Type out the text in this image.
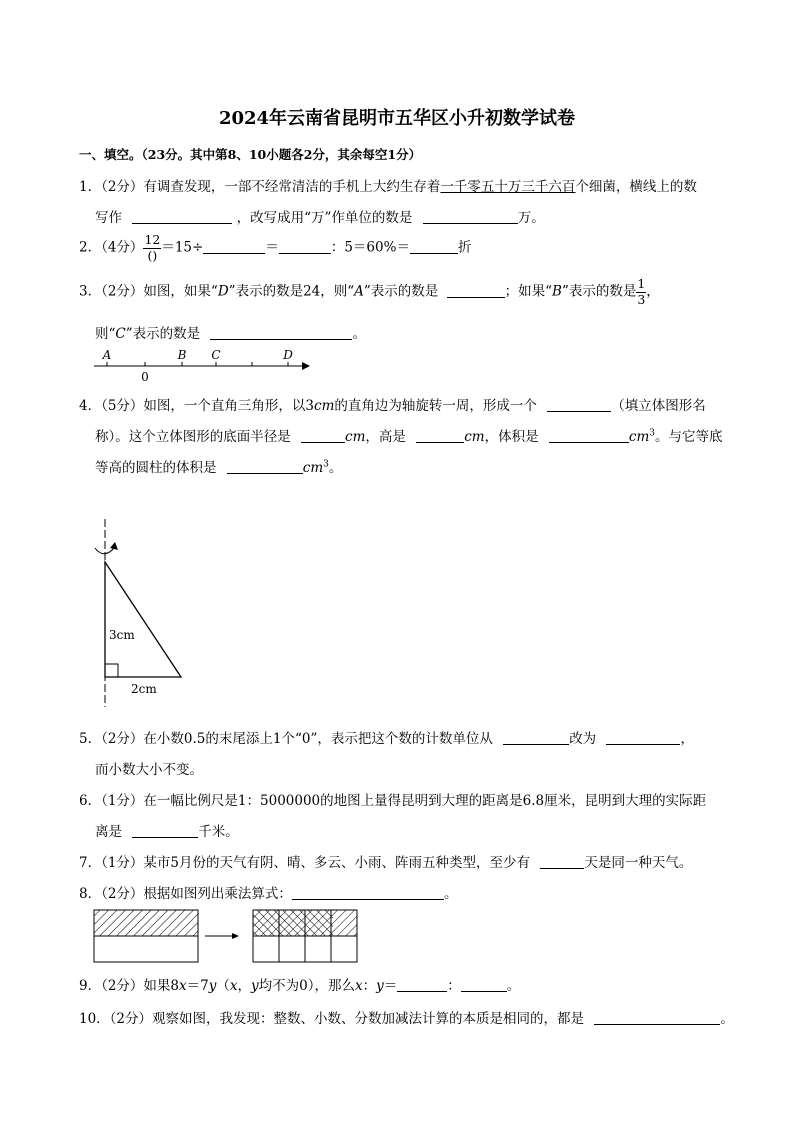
2024年云南省昆明市五华区小升初数学试卷
一、填空。（23分。其中第8、10小题各2分，其余每空1分）
1．（2分）有调查发现，一部不经常清洁的手机上大约生存着一千零五十万三千六百个细菌，横线上的数
写作	，改写成用“万”作单位的数是	万。
2．（4分） $\frac{12}{()} =15\div$	＝	：5＝60%＝	折
3．（2分）如图，如果“D”表示的数是24，则“A”表示的数是	；如果“B”表示的数是 $\frac{1}{3}$ ，
则“C”表示的数是	。
A	B C	D
0
3cm
2cm
4．（5分）如图，一个直角三角形，以3cm的直角边为轴旋转一周，形成一个	（填立体图形名
称）。这个立体图形的底面半径是	cm，高是	cm，体积是	$cm^3$。与它等底
等高的圆柱的体积是	$cm^3$。
5．（2分）在小数0.5的末尾添上1个“0”，表示把这个数的计数单位从	改为	，
而小数大小不变。
6．（1分）在一幅比例尺是1：5000000的地图上量得昆明到大理的距离是6.8厘米，昆明到大理的实际距
离是	千米。
7．（1分）某市5月份的天气有阴、晴、多云、小雨、阵雨五种类型，至少有	天是同一种天气。
8．（2分）根据如图列出乘法算式：	。
9．（2分）如果8x＝7y（x，y均不为0），那么x：y＝	：	。
10．（2分）观察如图，我发现：整数、小数、分数加减法计算的本质是相同的，都是	。
